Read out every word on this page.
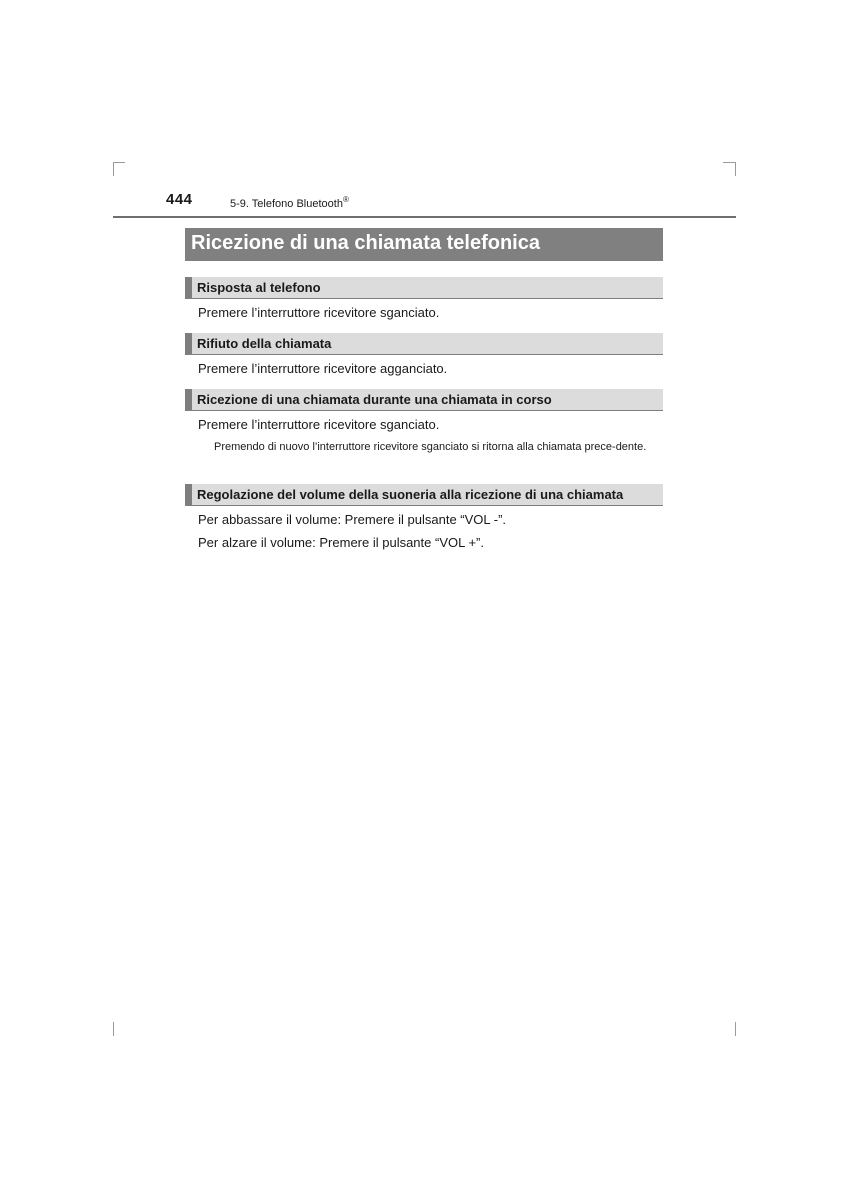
444	5-9. Telefono Bluetooth®
Ricezione di una chiamata telefonica
Risposta al telefono
Premere l’interruttore ricevitore sganciato.
Rifiuto della chiamata
Premere l’interruttore ricevitore agganciato.
Ricezione di una chiamata durante una chiamata in corso
Premere l’interruttore ricevitore sganciato.
Premendo di nuovo l’interruttore ricevitore sganciato si ritorna alla chiamata prece-dente.
Regolazione del volume della suoneria alla ricezione di una chiamata
Per abbassare il volume: Premere il pulsante “VOL -”.
Per alzare il volume: Premere il pulsante “VOL +”.
